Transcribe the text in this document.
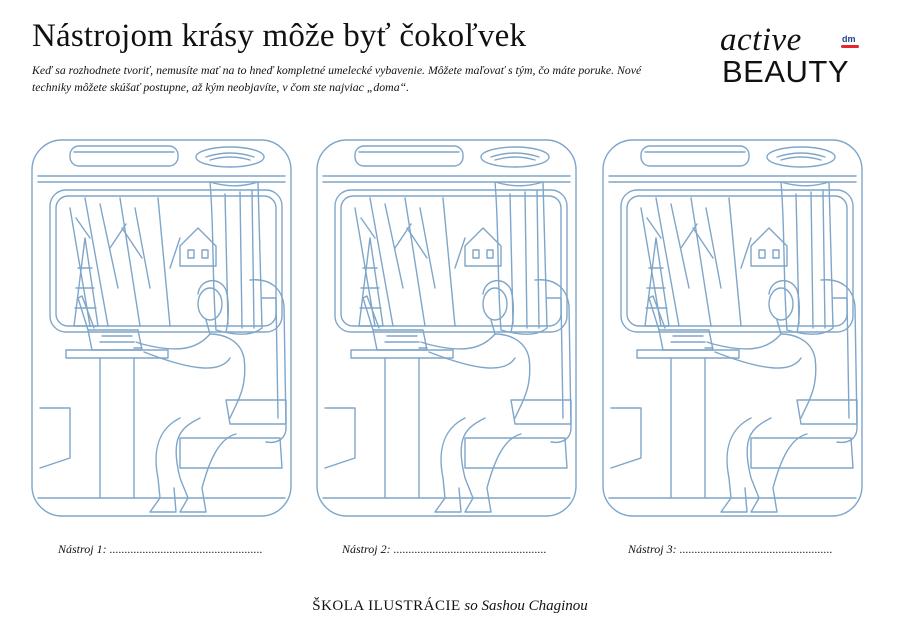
Nástrojom krásy môže byť čokoľvek

Keď sa rozhodnete tvoriť, nemusíte mať na to hneď kompletné umelecké vybavenie. Môžete maľovať s tým, čo máte poruke. Nové techniky môžete skúšať postupne, až kým neobjavíte, v čom ste najviac „doma“.

active	dm
BEAUTY
Nástroj 1: ...................................................	Nástroj 2: ...................................................	Nástroj 3: ...................................................
ŠKOLA ILUSTRÁCIE so Sashou Chaginou
